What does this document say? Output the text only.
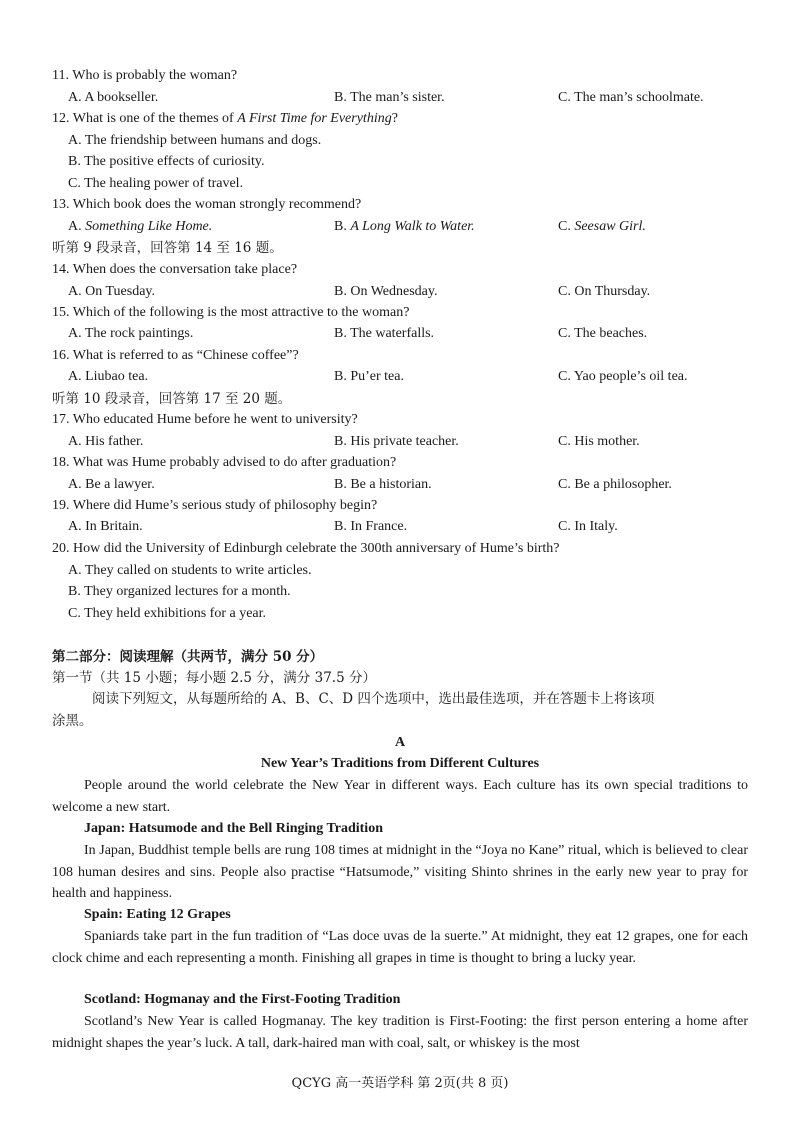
11. Who is probably the woman?
A. A bookseller.	B. The man’s sister.	C. The man’s schoolmate.
12. What is one of the themes of A First Time for Everything?
A. The friendship between humans and dogs.
B. The positive effects of curiosity.
C. The healing power of travel.
13. Which book does the woman strongly recommend?
A. Something Like Home.	B. A Long Walk to Water.	C. Seesaw Girl.
听第 9 段录音，回答第 14 至 16 题。
14. When does the conversation take place?
A. On Tuesday.	B. On Wednesday.	C. On Thursday.
15. Which of the following is the most attractive to the woman?
A. The rock paintings.	B. The waterfalls.	C. The beaches.
16. What is referred to as “Chinese coffee”?
A. Liubao tea.	B. Pu’er tea.	C. Yao people’s oil tea.
听第 10 段录音，回答第 17 至 20 题。
17. Who educated Hume before he went to university?
A. His father.	B. His private teacher.	C. His mother.
18. What was Hume probably advised to do after graduation?
A. Be a lawyer.	B. Be a historian.	C. Be a philosopher.
19. Where did Hume’s serious study of philosophy begin?
A. In Britain.	B. In France.	C. In Italy.
20. How did the University of Edinburgh celebrate the 300th anniversary of Hume’s birth?
A. They called on students to write articles.
B. They organized lectures for a month.
C. They held exhibitions for a year.
第二部分：阅读理解（共两节，满分 50 分）
第一节（共 15 小题；每小题 2.5 分，满分 37.5 分）
阅读下列短文，从每题所给的 A、B、C、D 四个选项中，选出最佳选项，并在答题卡上将该项
涂黑。
A
New Year’s Traditions from Different Cultures
People around the world celebrate the New Year in different ways. Each culture has its own special traditions to welcome a new start.
Japan: Hatsumode and the Bell Ringing Tradition
In Japan, Buddhist temple bells are rung 108 times at midnight in the “Joya no Kane” ritual, which is believed to clear 108 human desires and sins. People also practise “Hatsumode,” visiting Shinto shrines in the early new year to pray for health and happiness.
Spain: Eating 12 Grapes
Spaniards take part in the fun tradition of “Las doce uvas de la suerte.” At midnight, they eat 12 grapes, one for each clock chime and each representing a month. Finishing all grapes in time is thought to bring a lucky year.
Scotland: Hogmanay and the First-Footing Tradition
Scotland’s New Year is called Hogmanay. The key tradition is First-Footing: the first person entering a home after midnight shapes the year’s luck. A tall, dark-haired man with coal, salt, or whiskey is the most
QCYG 高一英语学科 第 2页(共 8 页)
